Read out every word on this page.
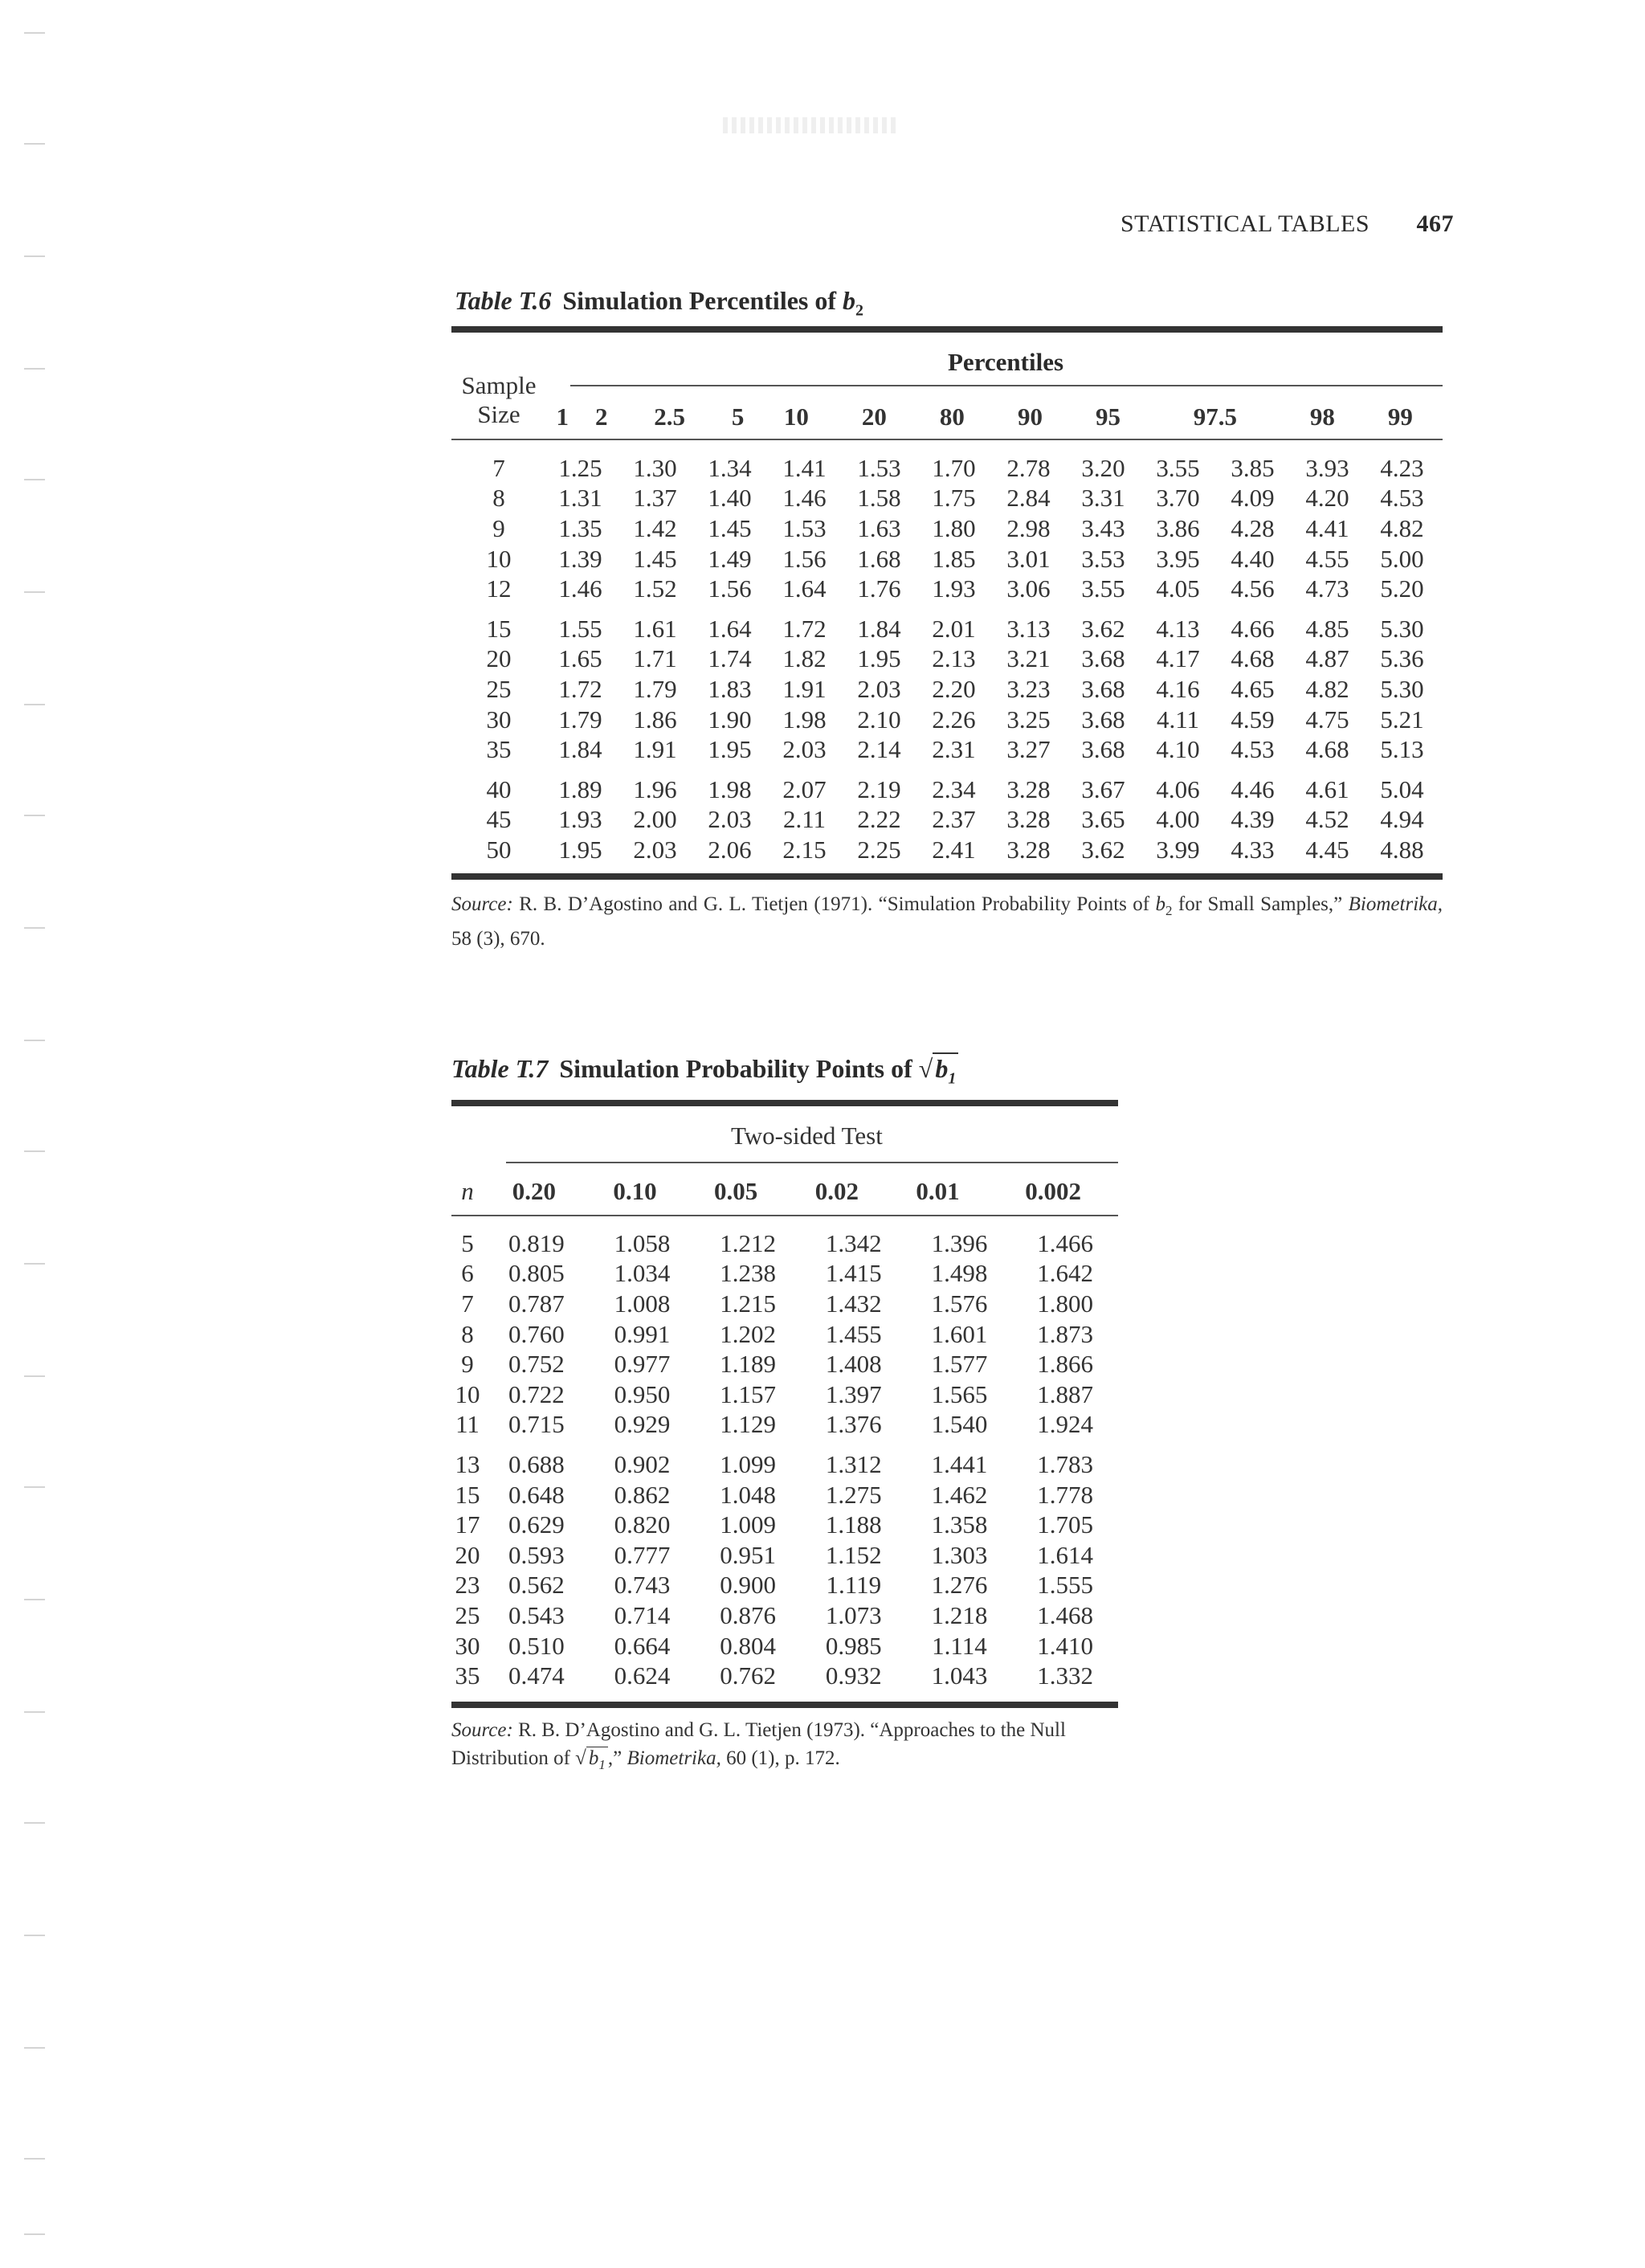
STATISTICAL TABLES 467
Table T.6 Simulation Percentiles of $b_2$
Percentiles
Sample
Size
		1	2	2.5	5	10	20	80	90	95	97.5	98	99
7	1.25	1.30	1.34	1.41	1.53	1.70	2.78	3.20	3.55	3.85	3.93	4.23
8	1.31	1.37	1.40	1.46	1.58	1.75	2.84	3.31	3.70	4.09	4.20	4.53
9	1.35	1.42	1.45	1.53	1.63	1.80	2.98	3.43	3.86	4.28	4.41	4.82
10	1.39	1.45	1.49	1.56	1.68	1.85	3.01	3.53	3.95	4.40	4.55	5.00
12	1.46	1.52	1.56	1.64	1.76	1.93	3.06	3.55	4.05	4.56	4.73	5.20
15	1.55	1.61	1.64	1.72	1.84	2.01	3.13	3.62	4.13	4.66	4.85	5.30
20	1.65	1.71	1.74	1.82	1.95	2.13	3.21	3.68	4.17	4.68	4.87	5.36
25	1.72	1.79	1.83	1.91	2.03	2.20	3.23	3.68	4.16	4.65	4.82	5.30
30	1.79	1.86	1.90	1.98	2.10	2.26	3.25	3.68	4.11	4.59	4.75	5.21
35	1.84	1.91	1.95	2.03	2.14	2.31	3.27	3.68	4.10	4.53	4.68	5.13
40	1.89	1.96	1.98	2.07	2.19	2.34	3.28	3.67	4.06	4.46	4.61	5.04
45	1.93	2.00	2.03	2.11	2.22	2.37	3.28	3.65	4.00	4.39	4.52	4.94
50	1.95	2.03	2.06	2.15	2.25	2.41	3.28	3.62	3.99	4.33	4.45	4.88
Source: R. B. D’Agostino and G. L. Tietjen (1971). “Simulation Probability Points of $b_2$ for Small Samples,” Biometrika, 58 (3), 670.
Table T.7 Simulation Probability Points of $√b_1$
Two-sided Test
n	0.20	0.10	0.05	0.02	0.01	0.002
5	0.819	1.058	1.212	1.342	1.396	1.466
6	0.805	1.034	1.238	1.415	1.498	1.642
7	0.787	1.008	1.215	1.432	1.576	1.800
8	0.760	0.991	1.202	1.455	1.601	1.873
9	0.752	0.977	1.189	1.408	1.577	1.866
10	0.722	0.950	1.157	1.397	1.565	1.887
11	0.715	0.929	1.129	1.376	1.540	1.924
13	0.688	0.902	1.099	1.312	1.441	1.783
15	0.648	0.862	1.048	1.275	1.462	1.778
17	0.629	0.820	1.009	1.188	1.358	1.705
20	0.593	0.777	0.951	1.152	1.303	1.614
23	0.562	0.743	0.900	1.119	1.276	1.555
25	0.543	0.714	0.876	1.073	1.218	1.468
30	0.510	0.664	0.804	0.985	1.114	1.410
35	0.474	0.624	0.762	0.932	1.043	1.332
Source: R. B. D’Agostino and G. L. Tietjen (1973). “Approaches to the Null Distribution of √ $b_1$ ,” Biometrika, 60 (1), p. 172.
